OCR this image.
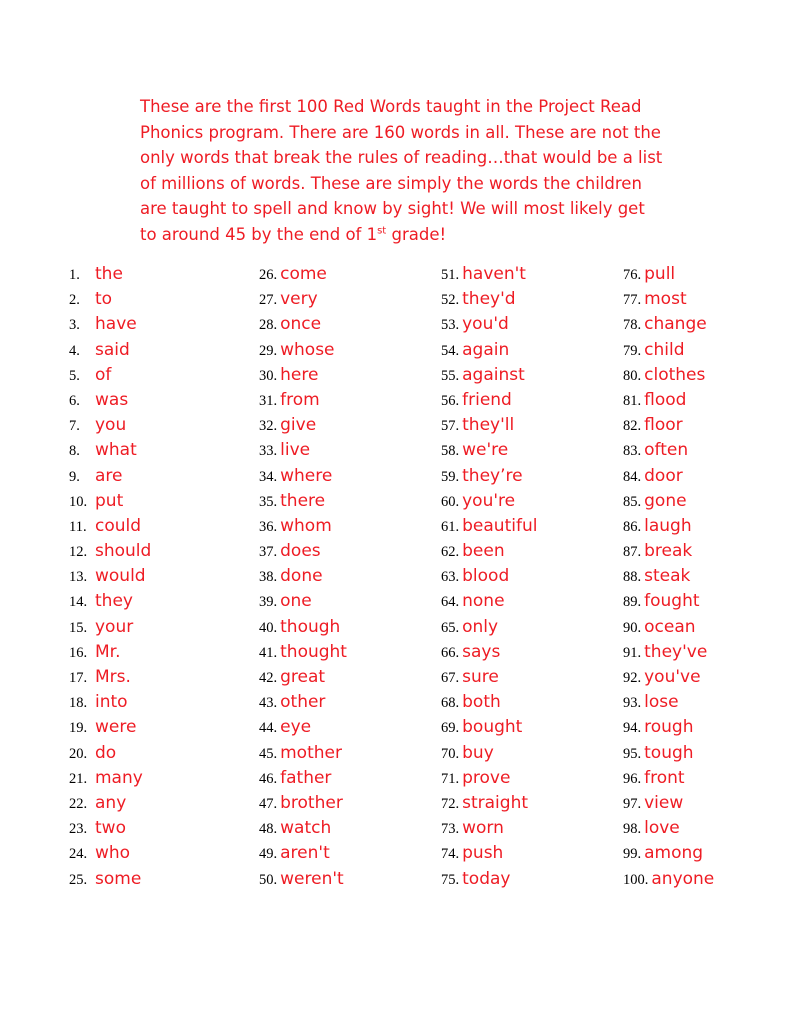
These are the first 100 Red Words taught in the Project Read

Phonics program. There are 160 words in all. These are not the

only words that break the rules of reading…that would be a list

of millions of words. These are simply the words the children

are taught to spell and know by sight! We will most likely get

to around 45 by the end of 1st grade!

1. the
2. to
3. have
4. said
5. of
6. was
7. you
8. what
9. are
10. put
11. could
12. should
13. would
14. they
15. your
16. Mr.
17. Mrs.
18. into
19. were
20. do
21. many
22. any
23. two
24. who
25. some
26. come
27. very
28. once
29. whose
30. here
31. from
32. give
33. live
34. where
35. there
36. whom
37. does
38. done
39. one
40. though
41. thought
42. great
43. other
44. eye
45. mother
46. father
47. brother
48. watch
49. aren't
50. weren't
51. haven't
52. they'd
53. you'd
54. again
55. against
56. friend
57. they'll
58. we're
59. they’re
60. you're
61. beautiful
62. been
63. blood
64. none
65. only
66. says
67. sure
68. both
69. bought
70. buy
71. prove
72. straight
73. worn
74. push
75. today
76. pull
77. most
78. change
79. child
80. clothes
81. flood
82. floor
83. often
84. door
85. gone
86. laugh
87. break
88. steak
89. fought
90. ocean
91. they've
92. you've
93. lose
94. rough
95. tough
96. front
97. view
98. love
99. among
100. anyone
